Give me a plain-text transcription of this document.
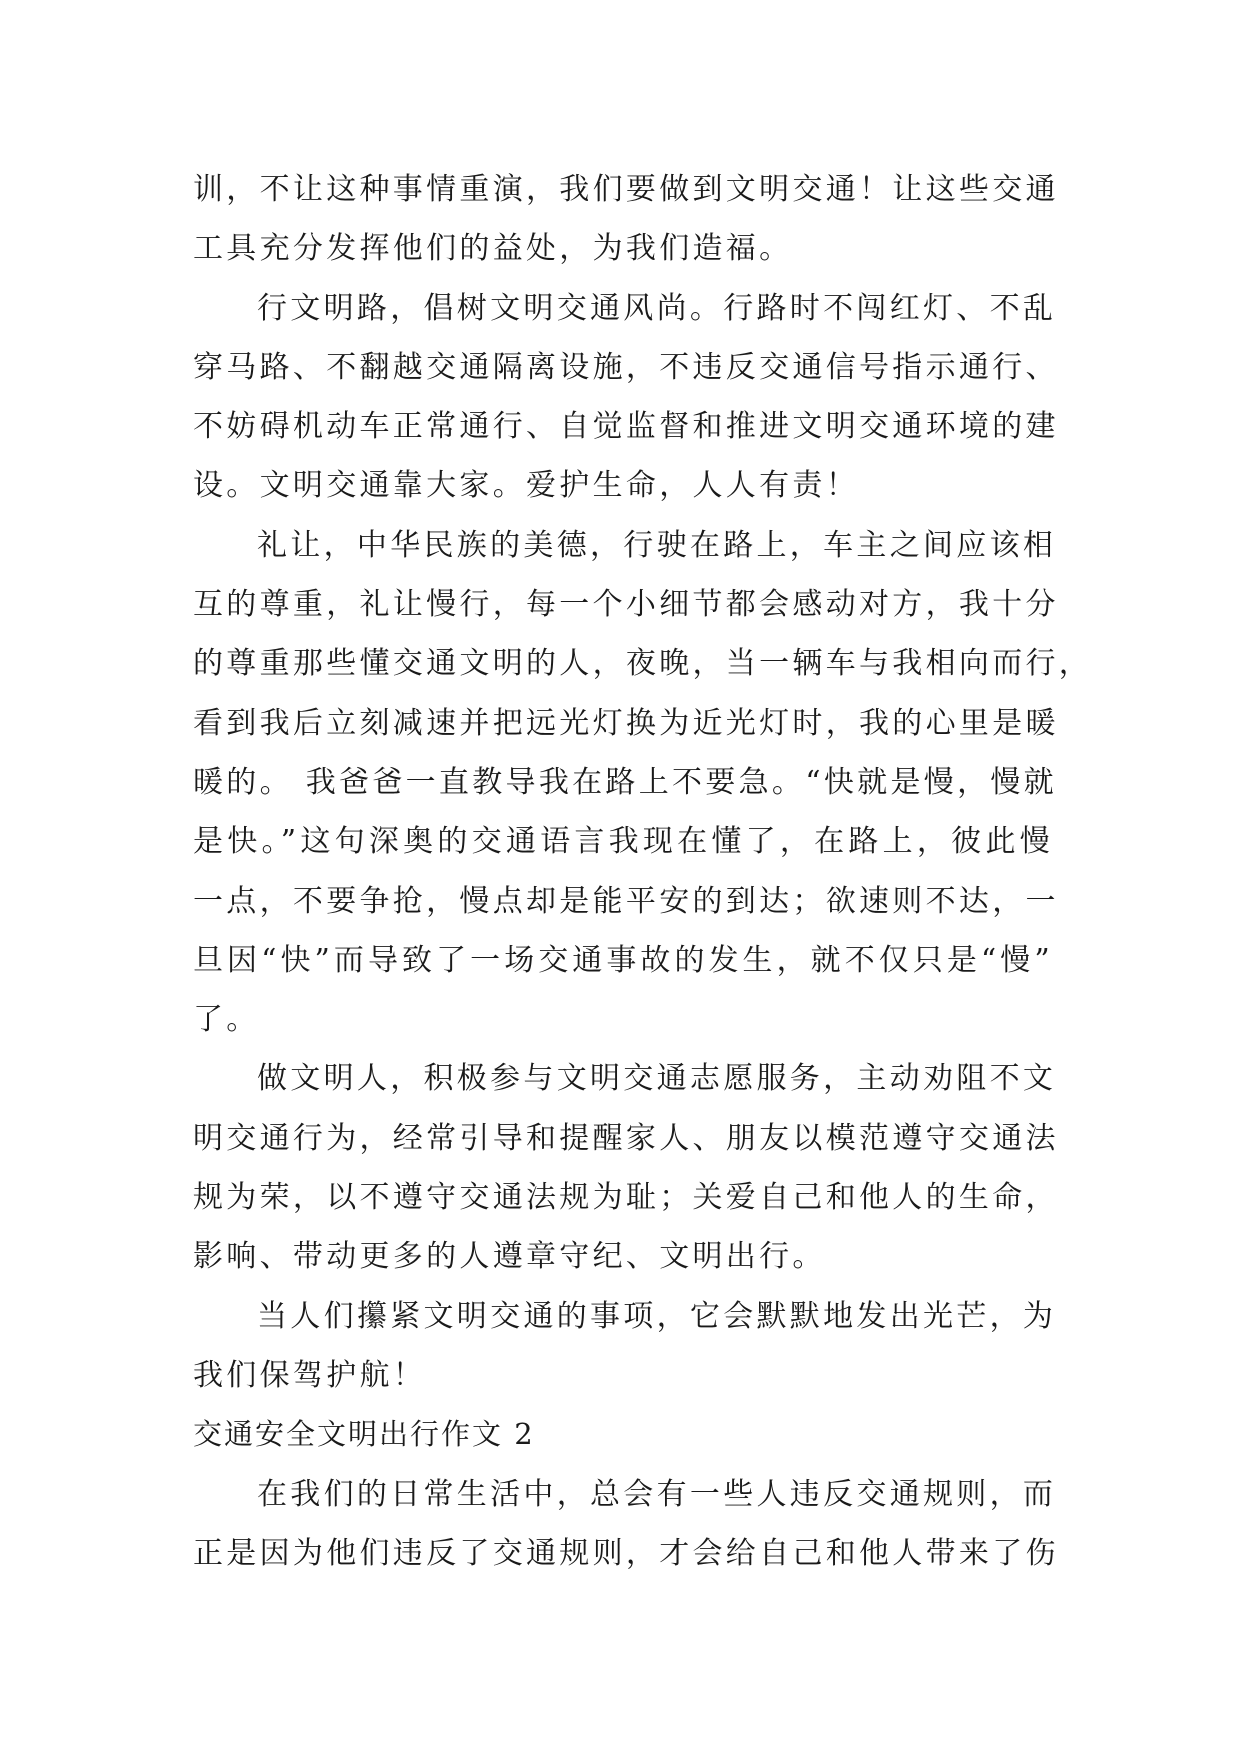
训，不让这种事情重演，我们要做到文明交通！让这些交通
工具充分发挥他们的益处，为我们造福。
行文明路，倡树文明交通风尚。行路时不闯红灯、不乱
穿马路、不翻越交通隔离设施，不违反交通信号指示通行、
不妨碍机动车正常通行、自觉监督和推进文明交通环境的建
设。文明交通靠大家。爱护生命，人人有责！
礼让，中华民族的美德，行驶在路上，车主之间应该相
互的尊重，礼让慢行，每一个小细节都会感动对方，我十分
的尊重那些懂交通文明的人，夜晚，当一辆车与我相向而行，
看到我后立刻减速并把远光灯换为近光灯时，我的心里是暖
暖的。 我爸爸一直教导我在路上不要急。“快就是慢，慢就
是快。”这句深奥的交通语言我现在懂了，在路上，彼此慢
一点，不要争抢，慢点却是能平安的到达；欲速则不达，一
旦因“快”而导致了一场交通事故的发生，就不仅只是“慢”
了。
做文明人，积极参与文明交通志愿服务，主动劝阻不文
明交通行为，经常引导和提醒家人、朋友以模范遵守交通法
规为荣，以不遵守交通法规为耻；关爱自己和他人的生命，
影响、带动更多的人遵章守纪、文明出行。
当人们攥紧文明交通的事项，它会默默地发出光芒，为
我们保驾护航！
交通安全文明出行作文 2
在我们的日常生活中，总会有一些人违反交通规则，而
正是因为他们违反了交通规则，才会给自己和他人带来了伤
